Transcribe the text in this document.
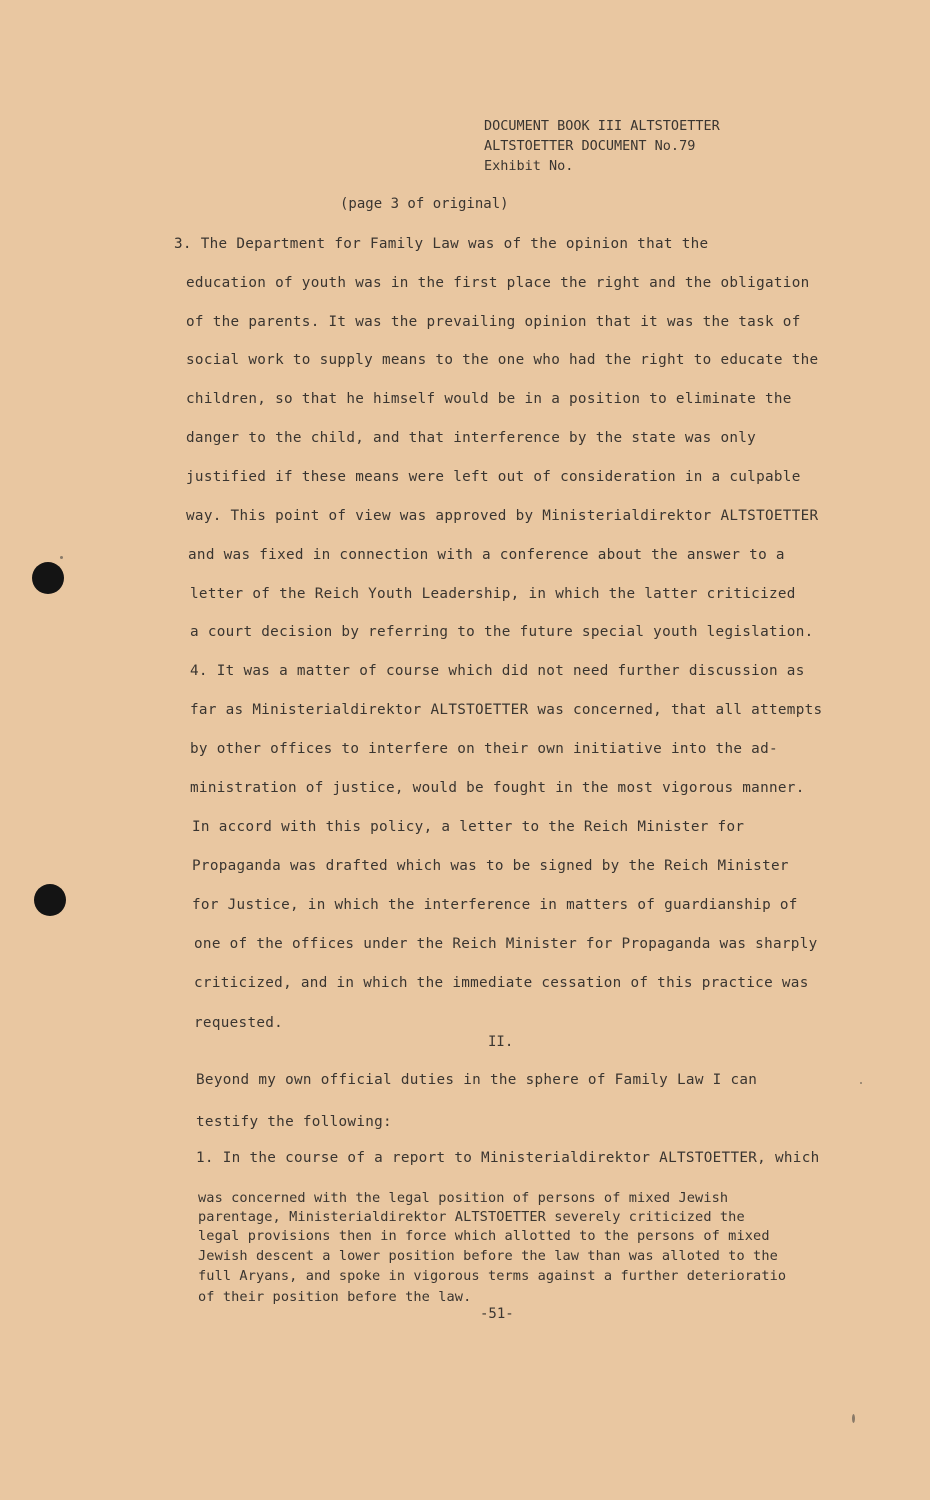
DOCUMENT BOOK III ALTSTOETTER
ALTSTOETTER DOCUMENT No.79
Exhibit No.
(page 3 of original)
3. The Department for Family Law was of the opinion that the
education of youth was in the first place the right and the obligation
of the parents. It was the prevailing opinion that it was the task of
social work to supply means to the one who had the right to educate the
children, so that he himself would be in a position to eliminate the
danger to the child, and that interference by the state was only
justified if these means were left out of consideration in a culpable
way. This point of view was approved by Ministerialdirektor ALTSTOETTER
and was fixed in connection with a conference about the answer to a
letter of the Reich Youth Leadership, in which the latter criticized
a court decision by referring to the future special youth legislation.
4. It was a matter of course which did not need further discussion as
far as Ministerialdirektor ALTSTOETTER was concerned, that all attempts
by other offices to interfere on their own initiative into the ad-
ministration of justice, would be fought in the most vigorous manner.
In accord with this policy, a letter to the Reich Minister for
Propaganda was drafted which was to be signed by the Reich Minister
for Justice, in which the interference in matters of guardianship of
one of the offices under the Reich Minister for Propaganda was sharply
criticized, and in which the immediate cessation of this practice was
requested.
II.
Beyond my own official duties in the sphere of Family Law I can
testify the following:
1. In the course of a report to Ministerialdirektor ALTSTOETTER, which
was concerned with the legal position of persons of mixed Jewish
parentage, Ministerialdirektor ALTSTOETTER severely criticized the
legal provisions then in force which allotted to the persons of mixed
Jewish descent a lower position before the law than was alloted to the
full Aryans, and spoke in vigorous terms against a further deterioratio
of their position before the law.
-51-
